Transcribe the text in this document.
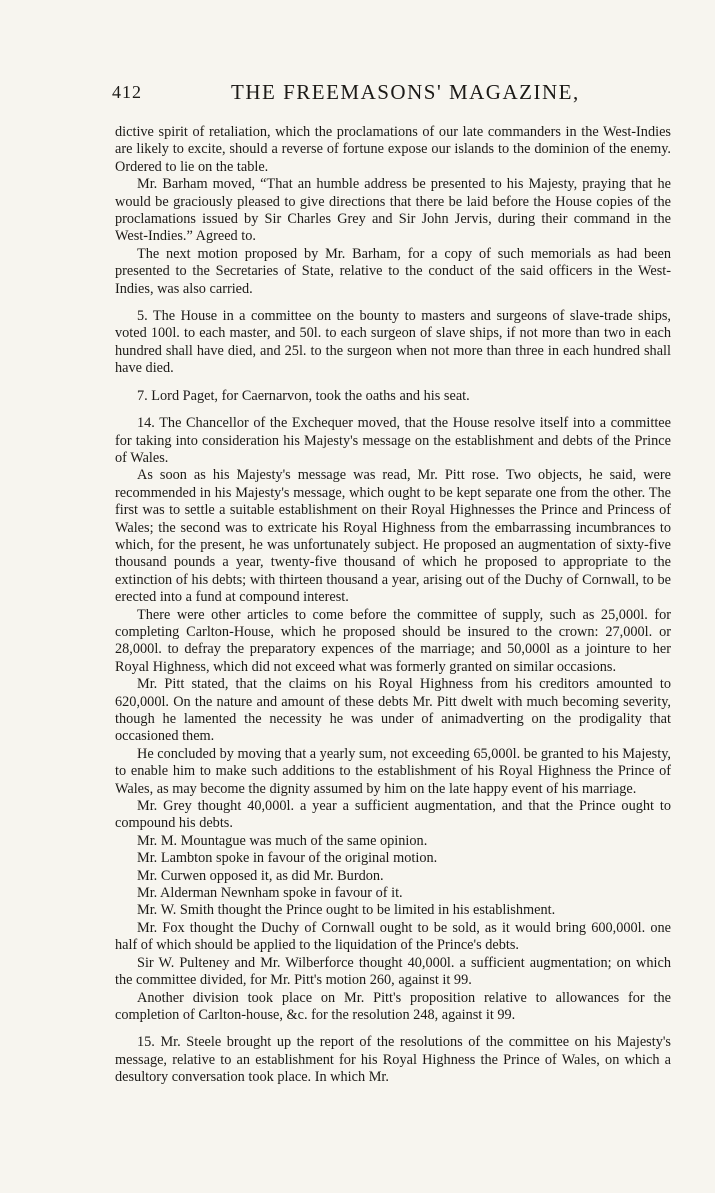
412	THE FREEMASONS' MAGAZINE,

dictive spirit of retaliation, which the proclamations of our late commanders in the West-Indies are likely to excite, should a reverse of fortune expose our islands to the dominion of the enemy. Ordered to lie on the table.

Mr. Barham moved, “That an humble address be presented to his Majesty, praying that he would be graciously pleased to give directions that there be laid before the House copies of the proclamations issued by Sir Charles Grey and Sir John Jervis, during their command in the West-Indies.” Agreed to.

The next motion proposed by Mr. Barham, for a copy of such memorials as had been presented to the Secretaries of State, relative to the conduct of the said officers in the West-Indies, was also carried.

5. The House in a committee on the bounty to masters and surgeons of slave-trade ships, voted 100l. to each master, and 50l. to each surgeon of slave ships, if not more than two in each hundred shall have died, and 25l. to the surgeon when not more than three in each hundred shall have died.

7. Lord Paget, for Caernarvon, took the oaths and his seat.

14. The Chancellor of the Exchequer moved, that the House resolve itself into a committee for taking into consideration his Majesty's message on the establishment and debts of the Prince of Wales.

As soon as his Majesty's message was read, Mr. Pitt rose. Two objects, he said, were recommended in his Majesty's message, which ought to be kept separate one from the other. The first was to settle a suitable establishment on their Royal Highnesses the Prince and Princess of Wales; the second was to extricate his Royal Highness from the embarrassing incumbrances to which, for the present, he was unfortunately subject. He proposed an augmentation of sixty-five thousand pounds a year, twenty-five thousand of which he proposed to appropriate to the extinction of his debts; with thirteen thousand a year, arising out of the Duchy of Cornwall, to be erected into a fund at compound interest.

There were other articles to come before the committee of supply, such as 25,000l. for completing Carlton-House, which he proposed should be insured to the crown: 27,000l. or 28,000l. to defray the preparatory expences of the marriage; and 50,000l as a jointure to her Royal Highness, which did not exceed what was formerly granted on similar occasions.

Mr. Pitt stated, that the claims on his Royal Highness from his creditors amounted to 620,000l. On the nature and amount of these debts Mr. Pitt dwelt with much becoming severity, though he lamented the necessity he was under of animadverting on the prodigality that occasioned them.

He concluded by moving that a yearly sum, not exceeding 65,000l. be granted to his Majesty, to enable him to make such additions to the establishment of his Royal Highness the Prince of Wales, as may become the dignity assumed by him on the late happy event of his marriage.

Mr. Grey thought 40,000l. a year a sufficient augmentation, and that the Prince ought to compound his debts.

Mr. M. Mountague was much of the same opinion.

Mr. Lambton spoke in favour of the original motion.

Mr. Curwen opposed it, as did Mr. Burdon.

Mr. Alderman Newnham spoke in favour of it.

Mr. W. Smith thought the Prince ought to be limited in his establishment.

Mr. Fox thought the Duchy of Cornwall ought to be sold, as it would bring 600,000l. one half of which should be applied to the liquidation of the Prince's debts.

Sir W. Pulteney and Mr. Wilberforce thought 40,000l. a sufficient augmentation; on which the committee divided, for Mr. Pitt's motion 260, against it 99.

Another division took place on Mr. Pitt's proposition relative to allowances for the completion of Carlton-house, &c. for the resolution 248, against it 99.

15. Mr. Steele brought up the report of the resolutions of the committee on his Majesty's message, relative to an establishment for his Royal Highness the Prince of Wales, on which a desultory conversation took place. In which Mr.
